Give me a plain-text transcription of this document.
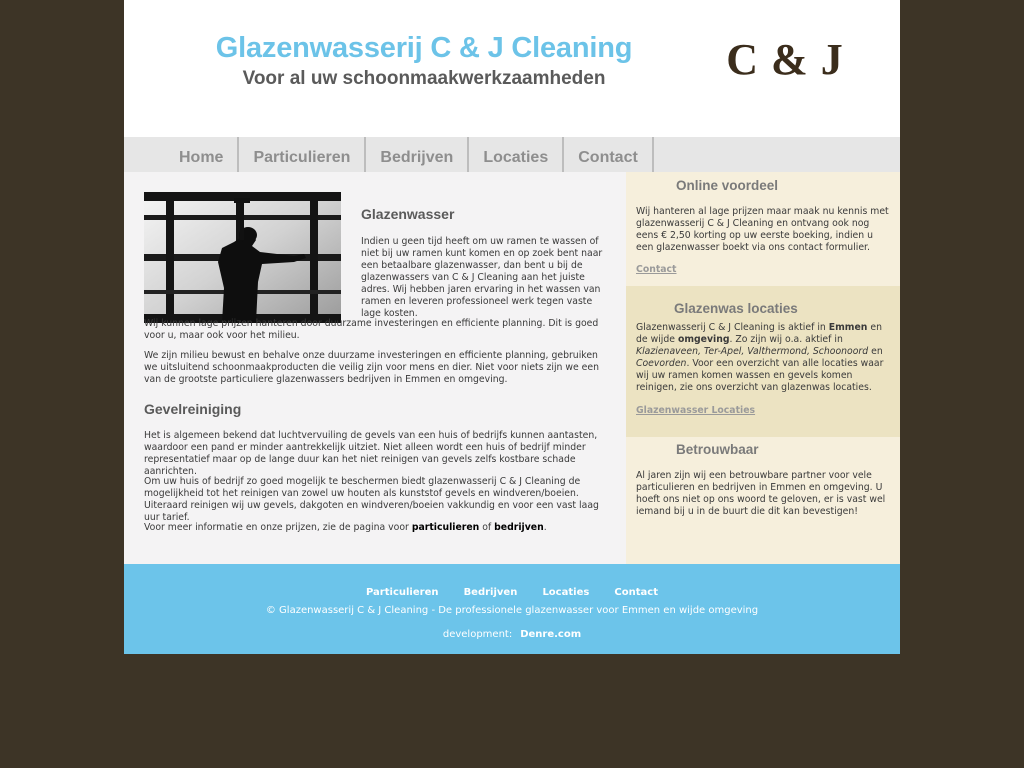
Glazenwasserij C & J Cleaning
Voor al uw schoonmaakwerkzaamheden	C & J
Home	Particulieren	Bedrijven	Locaties	Contact
Glazenwasser

Indien u geen tijd heeft om uw ramen te wassen of niet bij uw ramen kunt komen en op zoek bent naar een betaalbare glazenwasser, dan bent u bij de glazenwassers van C & J Cleaning aan het juiste adres. Wij hebben jaren ervaring in het wassen van ramen en leveren professioneel werk tegen vaste lage kosten.

Wij kunnen lage prijzen hanteren door duurzame investeringen en efficiente planning. Dit is goed voor u, maar ook voor het milieu.

We zijn milieu bewust en behalve onze duurzame investeringen en efficiente planning, gebruiken we uitsluitend schoonmaakproducten die veilig zijn voor mens en dier. Niet voor niets zijn we een van de grootste particuliere glazenwassers bedrijven in Emmen en omgeving.

Gevelreiniging

Het is algemeen bekend dat luchtvervuiling de gevels van een huis of bedrijfs kunnen aantasten, waardoor een pand er minder aantrekkelijk uitziet. Niet alleen wordt een huis of bedrijf minder representatief maar op de lange duur kan het niet reinigen van gevels zelfs kostbare schade aanrichten.

Om uw huis of bedrijf zo goed mogelijk te beschermen biedt glazenwasserij C & J Cleaning de mogelijkheid tot het reinigen van zowel uw houten als kunststof gevels en windveren/boeien. Uiteraard reinigen wij uw gevels, dakgoten en windveren/boeien vakkundig en voor een vast laag uur tarief.

Voor meer informatie en onze prijzen, zie de pagina voor particulieren of bedrijven.

Online voordeel

Wij hanteren al lage prijzen maar maak nu kennis met glazenwasserij C & J Cleaning en ontvang ook nog eens € 2,50 korting op uw eerste boeking, indien u een glazenwasser boekt via ons contact formulier.

Contact
Glazenwas locaties

Glazenwasserij C & J Cleaning is aktief in Emmen en de wijde omgeving. Zo zijn wij o.a. aktief in Klazienaveen, Ter-Apel, Valthermond, Schoonoord en Coevorden. Voor een overzicht van alle locaties waar wij uw ramen komen wassen en gevels komen reinigen, zie ons overzicht van glazenwas locaties.

Glazenwasser Locaties
Betrouwbaar

Al jaren zijn wij een betrouwbare partner voor vele particulieren en bedrijven in Emmen en omgeving. U hoeft ons niet op ons woord te geloven, er is vast wel iemand bij u in de buurt die dit kan bevestigen!

Particulieren	Bedrijven	Locaties	Contact
© Glazenwasserij C & J Cleaning - De professionele glazenwasser voor Emmen en wijde omgeving
development: Denre.com
